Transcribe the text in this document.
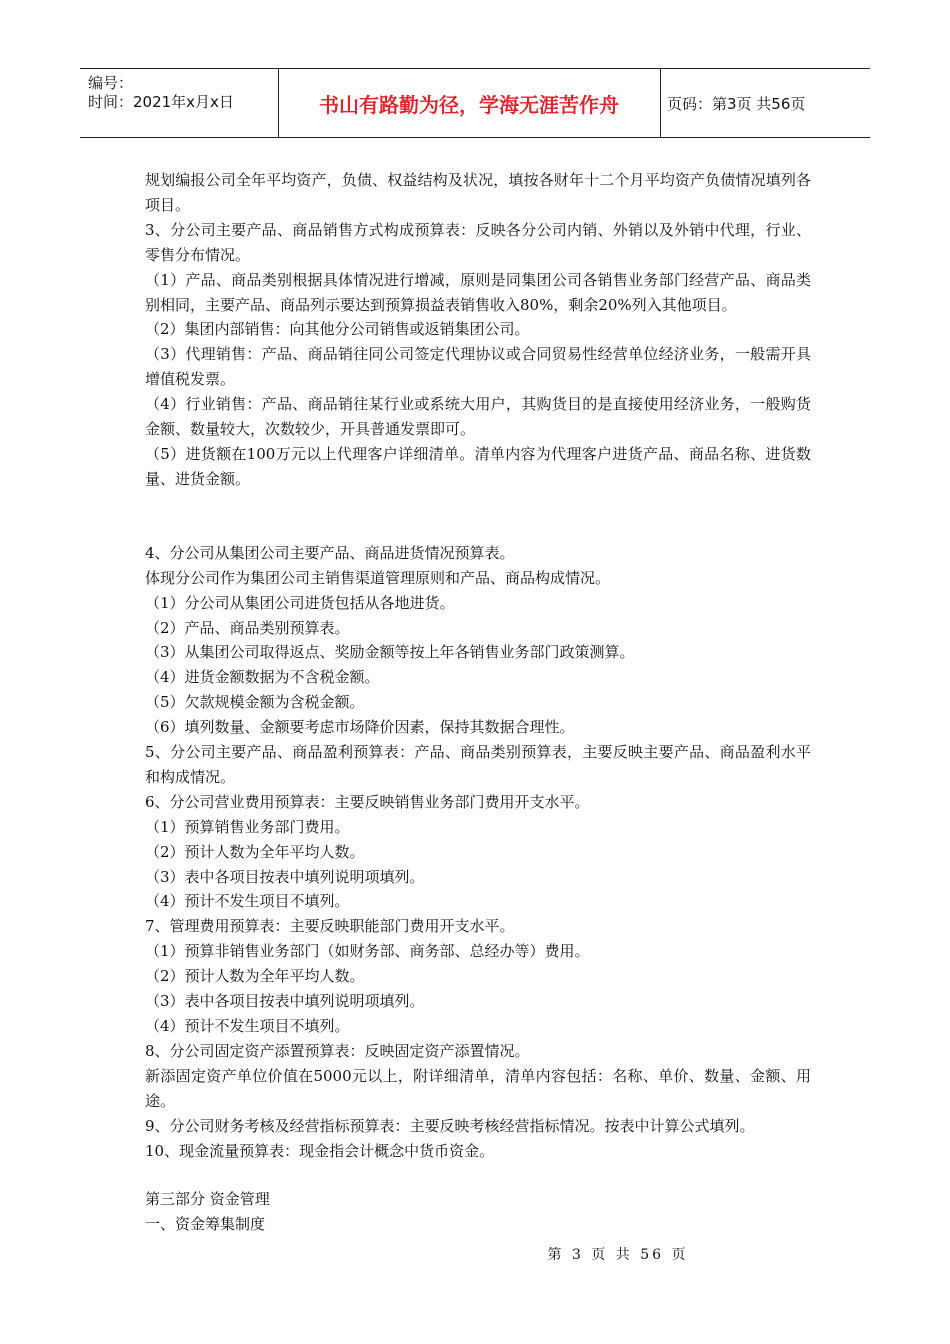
编号：
时间：2021年x月x日	书山有路勤为径，学海无涯苦作舟	页码：第3页 共56页

规划编报公司全年平均资产，负债、权益结构及状况，填按各财年十二个月平均资产负债情况填列各项目。

3、分公司主要产品、商品销售方式构成预算表：反映各分公司内销、外销以及外销中代理，行业、零售分布情况。

（1）产品、商品类别根据具体情况进行增减，原则是同集团公司各销售业务部门经营产品、商品类别相同，主要产品、商品列示要达到预算损益表销售收入80%，剩余20%列入其他项目。

（2）集团内部销售：向其他分公司销售或返销集团公司。

（3）代理销售：产品、商品销往同公司签定代理协议或合同贸易性经营单位经济业务，一般需开具增值税发票。

（4）行业销售：产品、商品销往某行业或系统大用户，其购货目的是直接使用经济业务，一般购货金额、数量较大，次数较少，开具普通发票即可。

（5）进货额在100万元以上代理客户详细清单。清单内容为代理客户进货产品、商品名称、进货数量、进货金额。

4、分公司从集团公司主要产品、商品进货情况预算表。

体现分公司作为集团公司主销售渠道管理原则和产品、商品构成情况。

（1）分公司从集团公司进货包括从各地进货。

（2）产品、商品类别预算表。

（3）从集团公司取得返点、奖励金额等按上年各销售业务部门政策测算。

（4）进货金额数据为不含税金额。

（5）欠款规模金额为含税金额。

（6）填列数量、金额要考虑市场降价因素，保持其数据合理性。

5、分公司主要产品、商品盈利预算表：产品、商品类别预算表，主要反映主要产品、商品盈利水平和构成情况。

6、分公司营业费用预算表：主要反映销售业务部门费用开支水平。

（1）预算销售业务部门费用。

（2）预计人数为全年平均人数。

（3）表中各项目按表中填列说明项填列。

（4）预计不发生项目不填列。

7、管理费用预算表：主要反映职能部门费用开支水平。

（1）预算非销售业务部门（如财务部、商务部、总经办等）费用。

（2）预计人数为全年平均人数。

（3）表中各项目按表中填列说明项填列。

（4）预计不发生项目不填列。

8、分公司固定资产添置预算表：反映固定资产添置情况。

新添固定资产单位价值在5000元以上，附详细清单，清单内容包括：名称、单价、数量、金额、用途。

9、分公司财务考核及经营指标预算表：主要反映考核经营指标情况。按表中计算公式填列。

10、现金流量预算表：现金指会计概念中货币资金。

第三部分 资金管理

一、资金筹集制度

第 3 页 共 56 页
